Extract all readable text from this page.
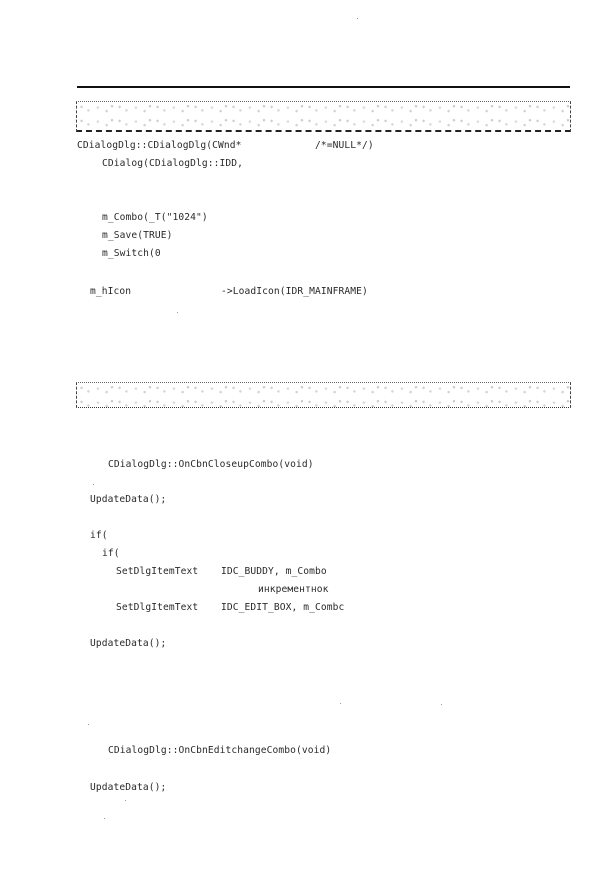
CDialogDlg::CDialogDlg(CWnd*	/*=NULL*/)
CDialog(CDialogDlg::IDD,
m_Combo(_T("1024")
m_Save(TRUE)
m_Switch(0
m_hIcon	->LoadIcon(IDR_MAINFRAME)
CDialogDlg::OnCbnCloseupCombo(void)
UpdateData();
if(
if(
SetDlgItemText IDC_BUDDY, m_Combo
инкрементнок
SetDlgItemText IDC_EDIT_BOX, m_Combc
UpdateData();
CDialogDlg::OnCbnEditchangeCombo(void)
UpdateData();
